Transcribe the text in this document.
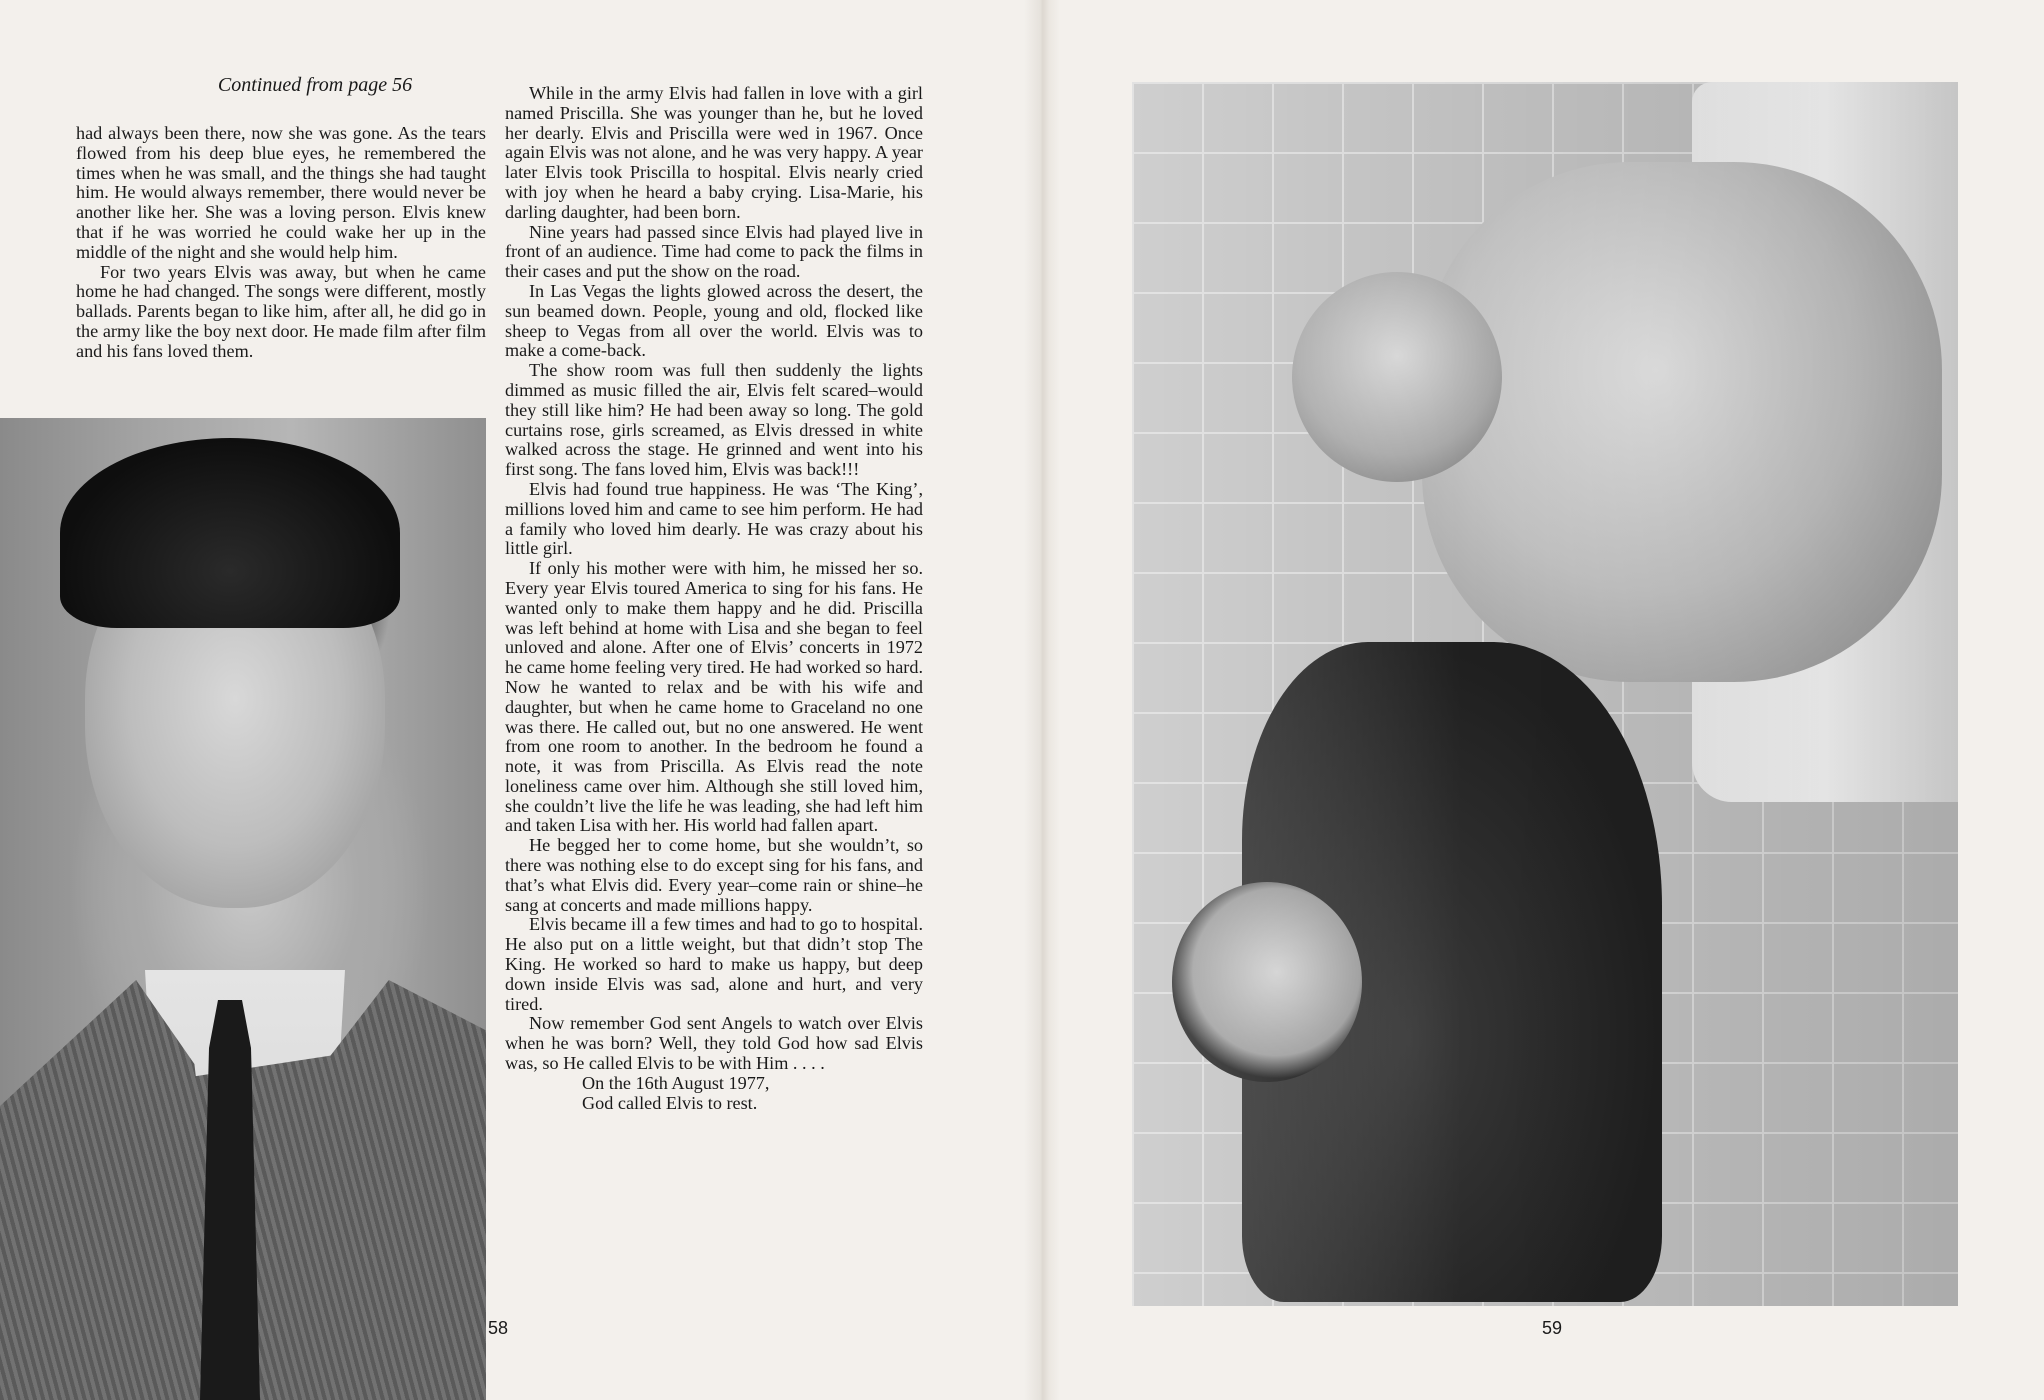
Continued from page 56

had always been there, now she was gone. As the tears flowed from his deep blue eyes, he remembered the times when he was small, and the things she had taught him. He would always remember, there would never be another like her. She was a loving person. Elvis knew that if he was worried he could wake her up in the middle of the night and she would help him.

For two years Elvis was away, but when he came home he had changed. The songs were different, mostly ballads. Parents began to like him, after all, he did go in the army like the boy next door. He made film after film and his fans loved them.

While in the army Elvis had fallen in love with a girl named Priscilla. She was younger than he, but he loved her dearly. Elvis and Priscilla were wed in 1967. Once again Elvis was not alone, and he was very happy. A year later Elvis took Priscilla to hospital. Elvis nearly cried with joy when he heard a baby crying. Lisa-Marie, his darling daughter, had been born.

Nine years had passed since Elvis had played live in front of an audience. Time had come to pack the films in their cases and put the show on the road.

In Las Vegas the lights glowed across the desert, the sun beamed down. People, young and old, flocked like sheep to Vegas from all over the world. Elvis was to make a come-back.

The show room was full then suddenly the lights dimmed as music filled the air, Elvis felt scared–would they still like him? He had been away so long. The gold curtains rose, girls screamed, as Elvis dressed in white walked across the stage. He grinned and went into his first song. The fans loved him, Elvis was back!!!

Elvis had found true happiness. He was ‘The King’, millions loved him and came to see him perform. He had a family who loved him dearly. He was crazy about his little girl.

If only his mother were with him, he missed her so. Every year Elvis toured America to sing for his fans. He wanted only to make them happy and he did. Priscilla was left behind at home with Lisa and she began to feel unloved and alone. After one of Elvis’ concerts in 1972 he came home feeling very tired. He had worked so hard. Now he wanted to relax and be with his wife and daughter, but when he came home to Graceland no one was there. He called out, but no one answered. He went from one room to another. In the bedroom he found a note, it was from Priscilla. As Elvis read the note loneliness came over him. Although she still loved him, she couldn’t live the life he was leading, she had left him and taken Lisa with her. His world had fallen apart.

He begged her to come home, but she wouldn’t, so there was nothing else to do except sing for his fans, and that’s what Elvis did. Every year–come rain or shine–he sang at concerts and made millions happy.

Elvis became ill a few times and had to go to hospital. He also put on a little weight, but that didn’t stop The King. He worked so hard to make us happy, but deep down inside Elvis was sad, alone and hurt, and very tired.

Now remember God sent Angels to watch over Elvis when he was born? Well, they told God how sad Elvis was, so He called Elvis to be with Him . . . .

On the 16th August 1977,
God called Elvis to rest.
58	59
